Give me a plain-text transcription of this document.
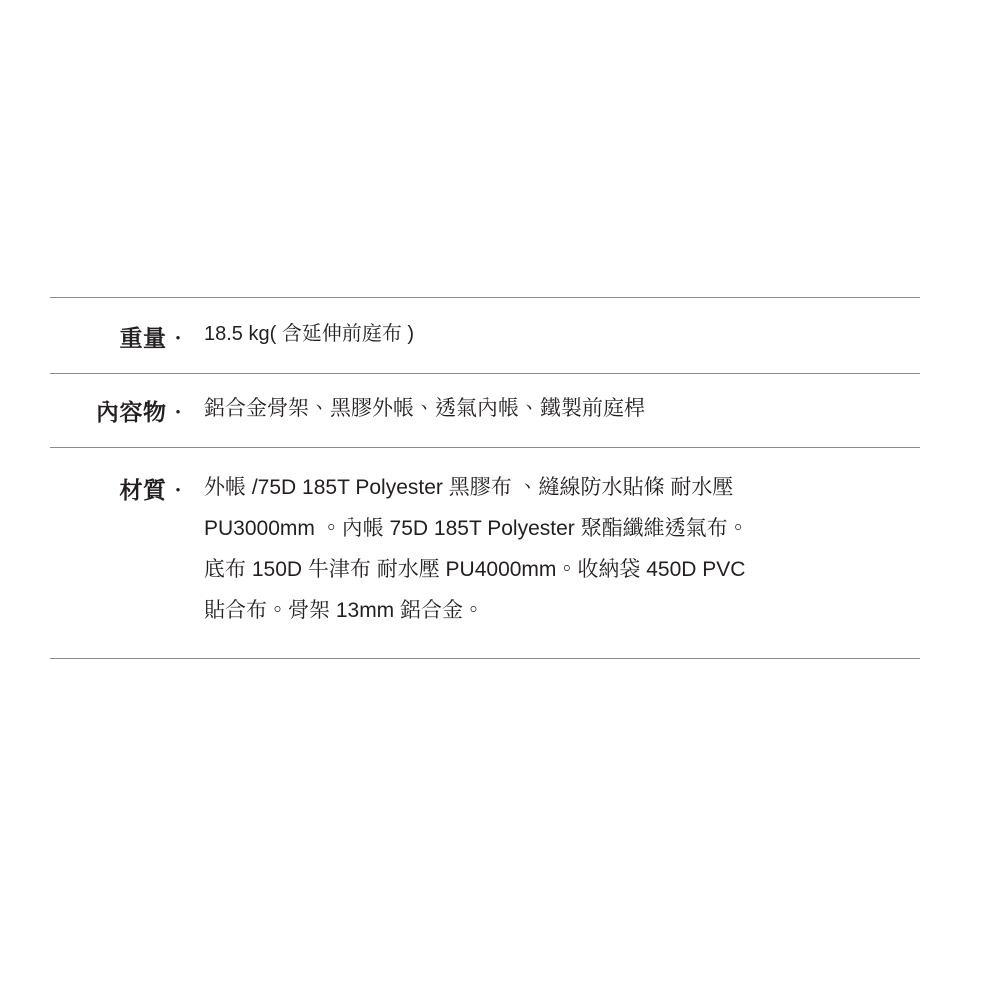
重量．	18.5 kg( 含延伸前庭布 )
內容物．	鋁合金骨架、黑膠外帳、透氣內帳、鐵製前庭桿
材質．	外帳 /75D 185T Polyester 黑膠布 、縫線防水貼條 耐水壓
PU3000mm 。內帳 75D 185T Polyester 聚酯纖維透氣布。
底布 150D 牛津布 耐水壓 PU4000mm。收納袋 450D PVC
貼合布。骨架 13mm 鋁合金。
